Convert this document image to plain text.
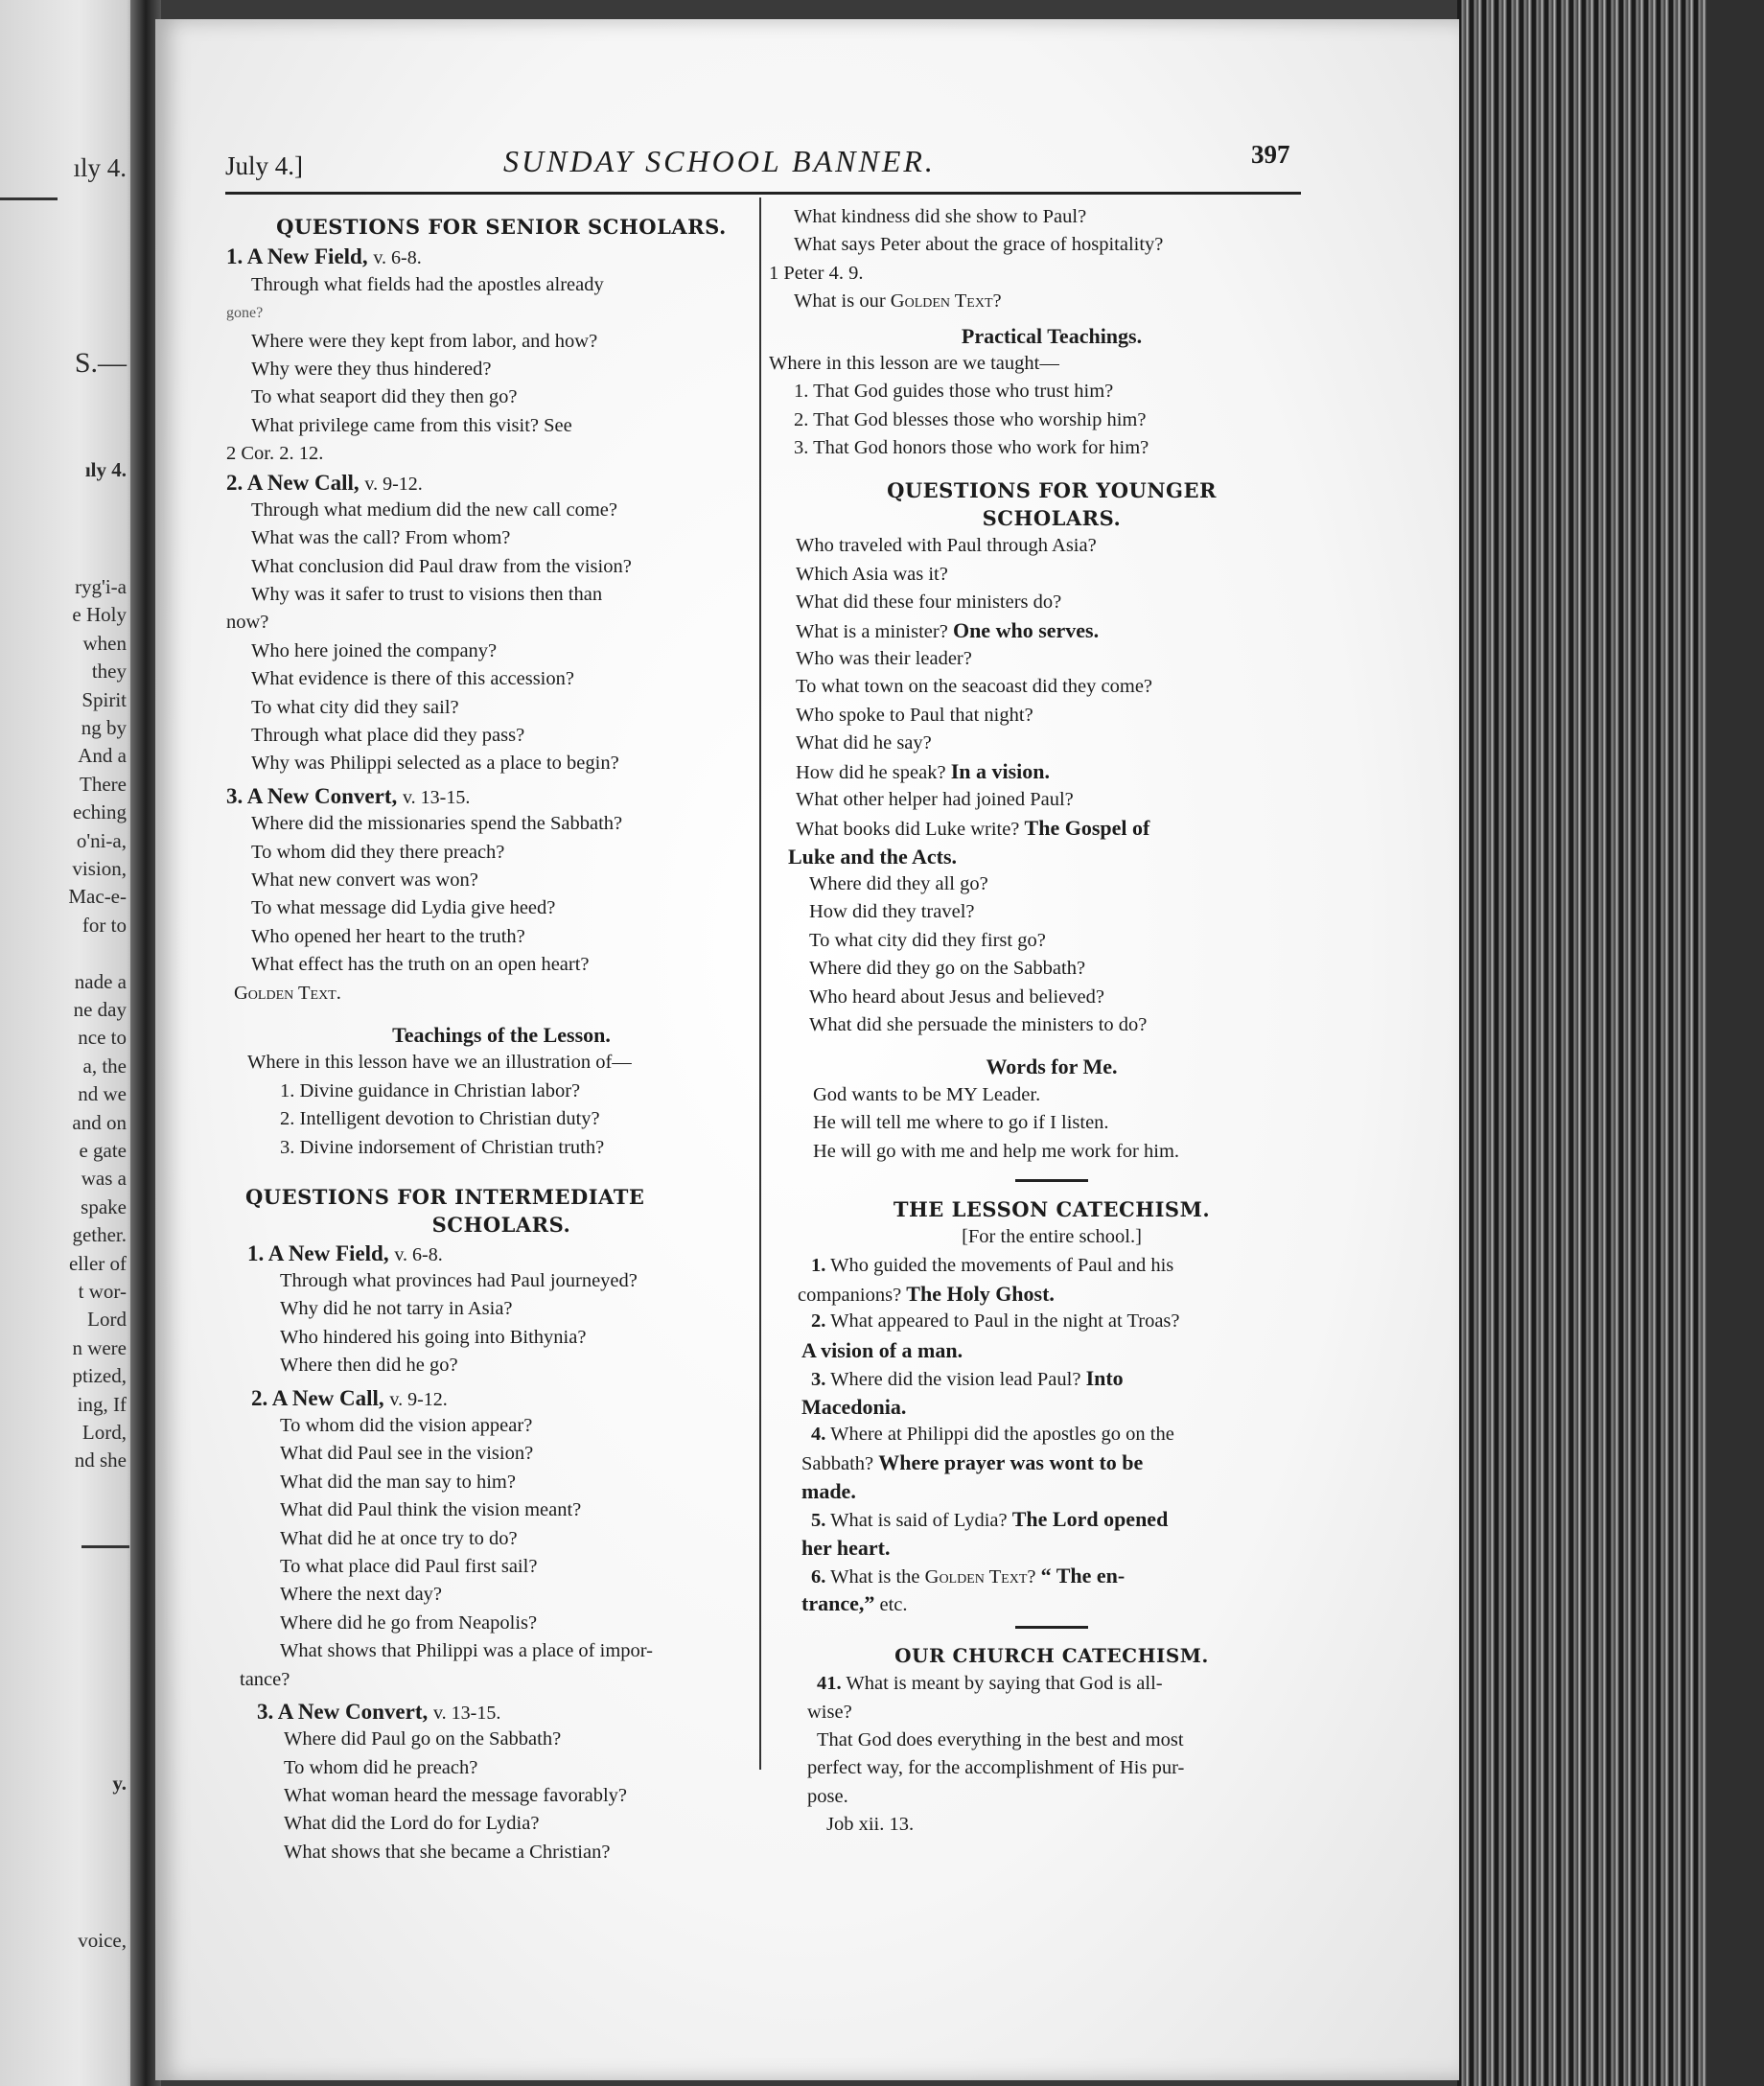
ıly 4.
S.—
ıly 4.
ryg'i-a
e Holy
when
they
Spirit
ng by
And a
There
eching
o'ni-a,
vision,
Mac-e-
for to
nade a
ne day
nce to
a, the
nd we
and on
e gate
was a
spake
gether.
eller of
t wor-
Lord
n were
ptized,
ing, If
Lord,
nd she
y.
voice,
July 4.]	SUNDAY SCHOOL BANNER.	397
QUESTIONS FOR SENIOR SCHOLARS.
1. A New Field, v. 6-8.
Through what fields had the apostles already
gone?
Where were they kept from labor, and how?
Why were they thus hindered?
To what seaport did they then go?
What privilege came from this visit? See
2 Cor. 2. 12.
2. A New Call, v. 9-12.
Through what medium did the new call come?
What was the call? From whom?
What conclusion did Paul draw from the vision?
Why was it safer to trust to visions then than
now?
Who here joined the company?
What evidence is there of this accession?
To what city did they sail?
Through what place did they pass?
Why was Philippi selected as a place to begin?
3. A New Convert, v. 13-15.
Where did the missionaries spend the Sabbath?
To whom did they there preach?
What new convert was won?
To what message did Lydia give heed?
Who opened her heart to the truth?
What effect has the truth on an open heart?
Golden Text.
Teachings of the Lesson.
Where in this lesson have we an illustration of—
1. Divine guidance in Christian labor?
2. Intelligent devotion to Christian duty?
3. Divine indorsement of Christian truth?
QUESTIONS FOR INTERMEDIATE
SCHOLARS.
1. A New Field, v. 6-8.
Through what provinces had Paul journeyed?
Why did he not tarry in Asia?
Who hindered his going into Bithynia?
Where then did he go?
2. A New Call, v. 9-12.
To whom did the vision appear?
What did Paul see in the vision?
What did the man say to him?
What did Paul think the vision meant?
What did he at once try to do?
To what place did Paul first sail?
Where the next day?
Where did he go from Neapolis?
What shows that Philippi was a place of impor-
tance?
3. A New Convert, v. 13-15.
Where did Paul go on the Sabbath?
To whom did he preach?
What woman heard the message favorably?
What did the Lord do for Lydia?
What shows that she became a Christian?
What kindness did she show to Paul?
What says Peter about the grace of hospitality?
1 Peter 4. 9.
What is our Golden Text?
Practical Teachings.
Where in this lesson are we taught—
1. That God guides those who trust him?
2. That God blesses those who worship him?
3. That God honors those who work for him?
QUESTIONS FOR YOUNGER
SCHOLARS.
Who traveled with Paul through Asia?
Which Asia was it?
What did these four ministers do?
What is a minister? One who serves.
Who was their leader?
To what town on the seacoast did they come?
Who spoke to Paul that night?
What did he say?
How did he speak? In a vision.
What other helper had joined Paul?
What books did Luke write? The Gospel of
Luke and the Acts.
Where did they all go?
How did they travel?
To what city did they first go?
Where did they go on the Sabbath?
Who heard about Jesus and believed?
What did she persuade the ministers to do?
Words for Me.
God wants to be MY Leader.
He will tell me where to go if I listen.
He will go with me and help me work for him.
THE LESSON CATECHISM.
[For the entire school.]
1. Who guided the movements of Paul and his
companions? The Holy Ghost.
2. What appeared to Paul in the night at Troas?
A vision of a man.
3. Where did the vision lead Paul? Into
Macedonia.
4. Where at Philippi did the apostles go on the
Sabbath? Where prayer was wont to be
made.
5. What is said of Lydia? The Lord opened
her heart.
6. What is the Golden Text? “ The en-
trance,” etc.
OUR CHURCH CATECHISM.
41. What is meant by saying that God is all-
wise?
That God does everything in the best and most
perfect way, for the accomplishment of His pur-
pose.
Job xii. 13.
